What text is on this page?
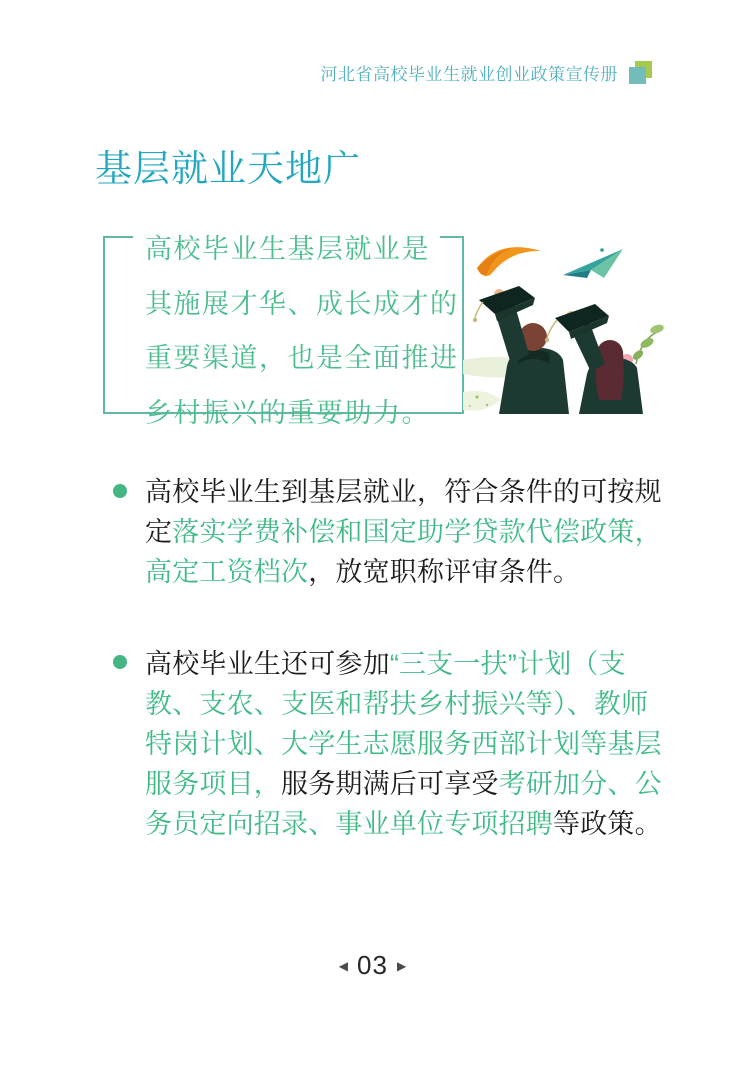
河北省高校毕业生就业创业政策宣传册
基层就业天地广
高校毕业生基层就业是
其施展才华、成长成才的
重要渠道，也是全面推进
乡村振兴的重要助力。
高校毕业生到基层就业，符合条件的可按规
定落实学费补偿和国定助学贷款代偿政策，
高定工资档次，放宽职称评审条件。
高校毕业生还可参加“三支一扶”计划（支
教、支农、支医和帮扶乡村振兴等）、教师
特岗计划、大学生志愿服务西部计划等基层
服务项目，服务期满后可享受考研加分、公
务员定向招录、事业单位专项招聘等政策。
◀ 03 ▶
